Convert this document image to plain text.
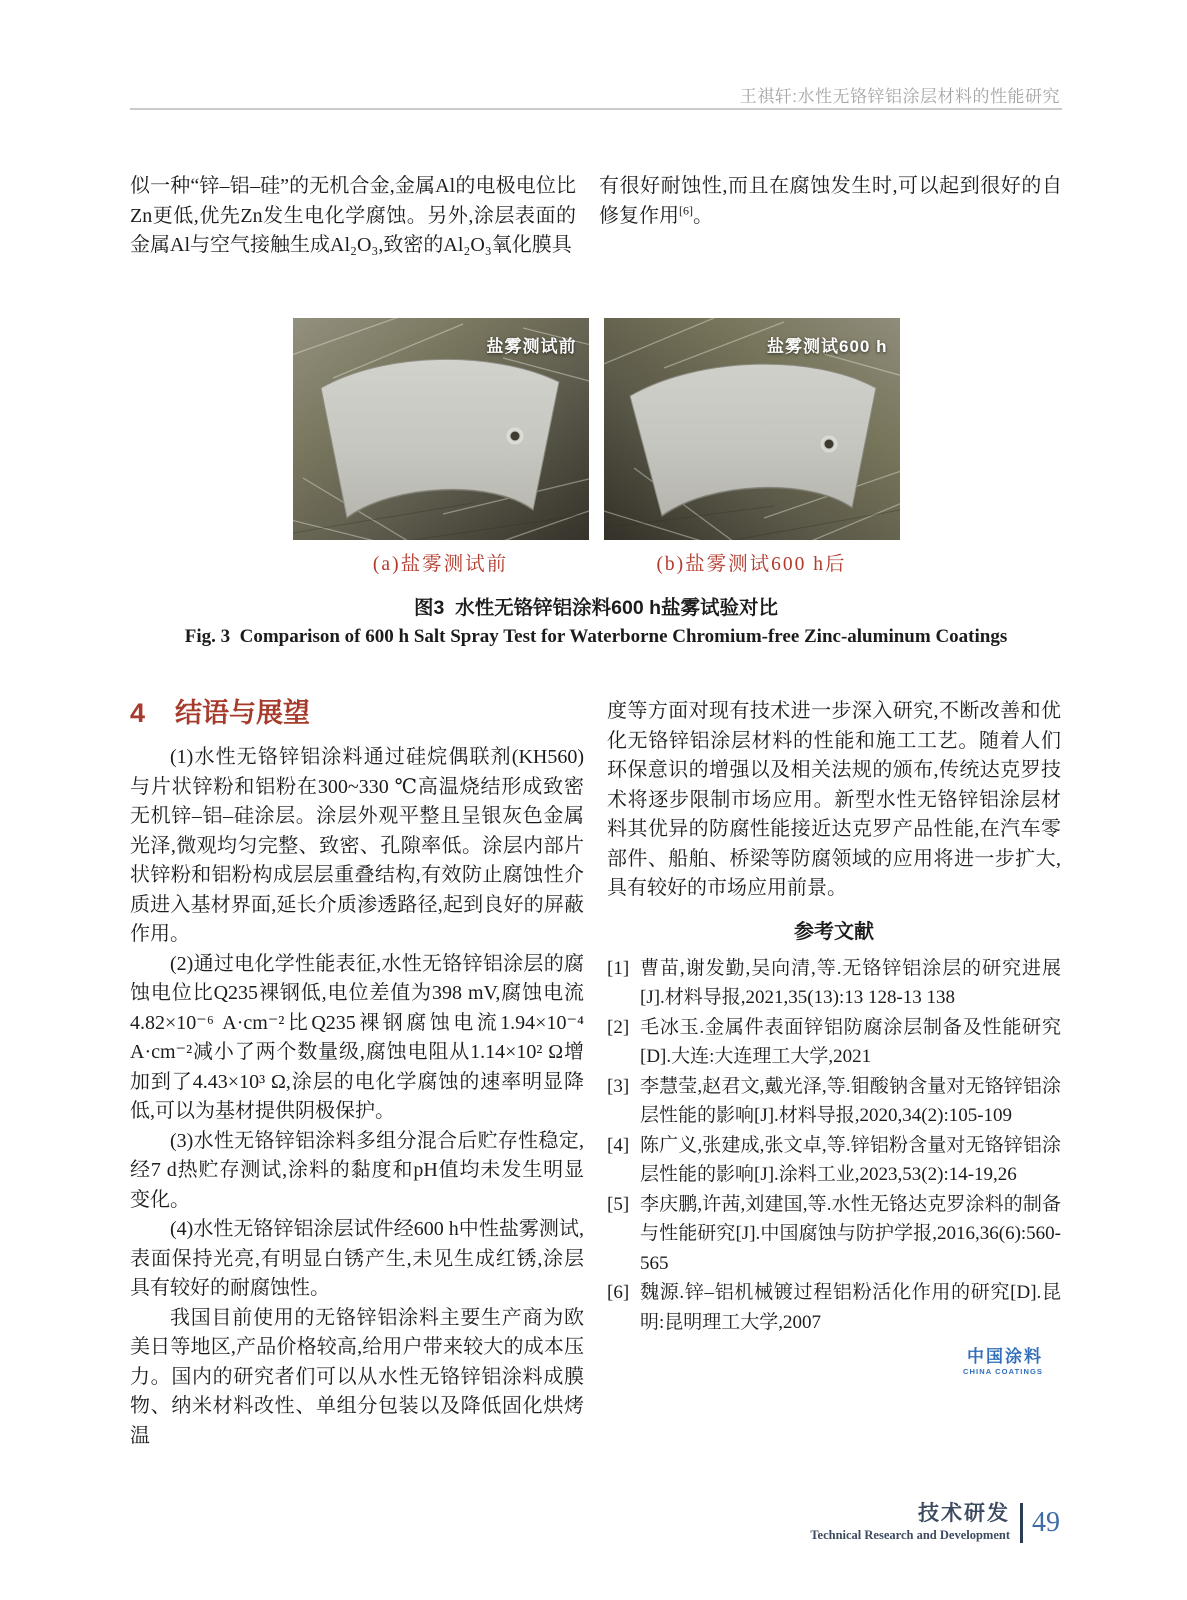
王祺轩:水性无铬锌铝涂层材料的性能研究

似一种“锌–铝–硅”的无机合金,金属Al的电极电位比Zn更低,优先Zn发生电化学腐蚀。另外,涂层表面的金属Al与空气接触生成Al₂O₃,致密的Al₂O₃氧化膜具

有很好耐蚀性,而且在腐蚀发生时,可以起到很好的自修复作用[6]。

盐雾测试前	盐雾测试600 h
(a)盐雾测试前	(b)盐雾测试600 h后
图3  水性无铬锌铝涂料600 h盐雾试验对比
Fig. 3  Comparison of 600 h Salt Spray Test for Waterborne Chromium-free Zinc-aluminum Coatings
4 结语与展望

(1)水性无铬锌铝涂料通过硅烷偶联剂(KH560)与片状锌粉和铝粉在300~330 ℃高温烧结形成致密无机锌–铝–硅涂层。涂层外观平整且呈银灰色金属光泽,微观均匀完整、致密、孔隙率低。涂层内部片状锌粉和铝粉构成层层重叠结构,有效防止腐蚀性介质进入基材界面,延长介质渗透路径,起到良好的屏蔽作用。

(2)通过电化学性能表征,水性无铬锌铝涂层的腐蚀电位比Q235裸钢低,电位差值为398 mV,腐蚀电流4.82×10⁻⁶ A·cm⁻²比Q235裸钢腐蚀电流1.94×10⁻⁴ A·cm⁻²减小了两个数量级,腐蚀电阻从1.14×10² Ω增加到了4.43×10³ Ω,涂层的电化学腐蚀的速率明显降低,可以为基材提供阴极保护。

(3)水性无铬锌铝涂料多组分混合后贮存性稳定,经7 d热贮存测试,涂料的黏度和pH值均未发生明显变化。

(4)水性无铬锌铝涂层试件经600 h中性盐雾测试,表面保持光亮,有明显白锈产生,未见生成红锈,涂层具有较好的耐腐蚀性。

我国目前使用的无铬锌铝涂料主要生产商为欧美日等地区,产品价格较高,给用户带来较大的成本压力。国内的研究者们可以从水性无铬锌铝涂料成膜物、纳米材料改性、单组分包装以及降低固化烘烤温

度等方面对现有技术进一步深入研究,不断改善和优化无铬锌铝涂层材料的性能和施工工艺。随着人们环保意识的增强以及相关法规的颁布,传统达克罗技术将逐步限制市场应用。新型水性无铬锌铝涂层材料其优异的防腐性能接近达克罗产品性能,在汽车零部件、船舶、桥梁等防腐领域的应用将进一步扩大,具有较好的市场应用前景。

参考文献
[1] 曹苗,谢发勤,吴向清,等.无铬锌铝涂层的研究进展[J].材料导报,2021,35(13):13 128-13 138
[2] 毛冰玉.金属件表面锌铝防腐涂层制备及性能研究[D].大连:大连理工大学,2021
[3] 李慧莹,赵君文,戴光泽,等.钼酸钠含量对无铬锌铝涂层性能的影响[J].材料导报,2020,34(2):105-109
[4] 陈广义,张建成,张文卓,等.锌铝粉含量对无铬锌铝涂层性能的影响[J].涂料工业,2023,53(2):14-19,26
[5] 李庆鹏,许茜,刘建国,等.水性无铬达克罗涂料的制备与性能研究[J].中国腐蚀与防护学报,2016,36(6):560-565
[6] 魏源.锌–铝机械镀过程铝粉活化作用的研究[D].昆明:昆明理工大学,2007
中国涂料
CHINA COATINGS
技术研发
Technical Research and Development 49
